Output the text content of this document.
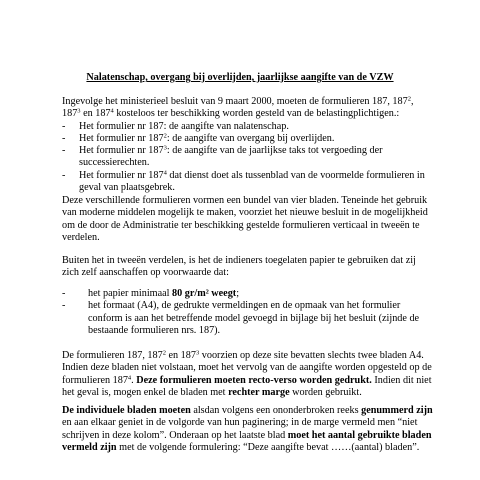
Nalatenschap, overgang bij overlijden, jaarlijkse aangifte van de VZW
Ingevolge het ministerieel besluit van 9 maart 2000, moeten de formulieren 187, $187^2$,
$187^3$ en $187^4$ kosteloos ter beschikking worden gesteld van de belastingplichtigen.:
- Het formulier nr 187: de aangifte van nalatenschap.
- Het formulier nr $187^2$: de aangifte van overgang bij overlijden.
- Het formulier nr $187^3$: de aangifte van de jaarlijkse taks tot vergoeding der
successierechten.
- Het formulier nr $187^4$ dat dienst doet als tussenblad van de voormelde formulieren in
geval van plaatsgebrek.
Deze verschillende formulieren vormen een bundel van vier bladen. Teneinde het gebruik
van moderne middelen mogelijk te maken, voorziet het nieuwe besluit in de mogelijkheid
om de door de Administratie ter beschikking gestelde formulieren verticaal in tweeën te
verdelen.
Buiten het in tweeën verdelen, is het de indieners toegelaten papier te gebruiken dat zij
zich zelf aanschaffen op voorwaarde dat:
- het papier minimaal 80 gr/m² weegt;
- het formaat (A4), de gedrukte vermeldingen en de opmaak van het formulier
conform is aan het betreffende model gevoegd in bijlage bij het besluit (zijnde de
bestaande formulieren nrs. 187).
De formulieren 187, $187^2$ en $187^3$ voorzien op deze site bevatten slechts twee bladen A4.
Indien deze bladen niet volstaan, moet het vervolg van de aangifte worden opgesteld op de
formulieren $187^4$. Deze formulieren moeten recto-verso worden gedrukt. Indien dit niet
het geval is, mogen enkel de bladen met rechter marge worden gebruikt.
De individuele bladen moeten alsdan volgens een ononderbroken reeks genummerd zijn
en aan elkaar geniet in de volgorde van hun paginering; in de marge vermeld men “niet
schrijven in deze kolom”. Onderaan op het laatste blad moet het aantal gebruikte bladen
vermeld zijn met de volgende formulering: “Deze aangifte bevat ……(aantal) bladen”.
